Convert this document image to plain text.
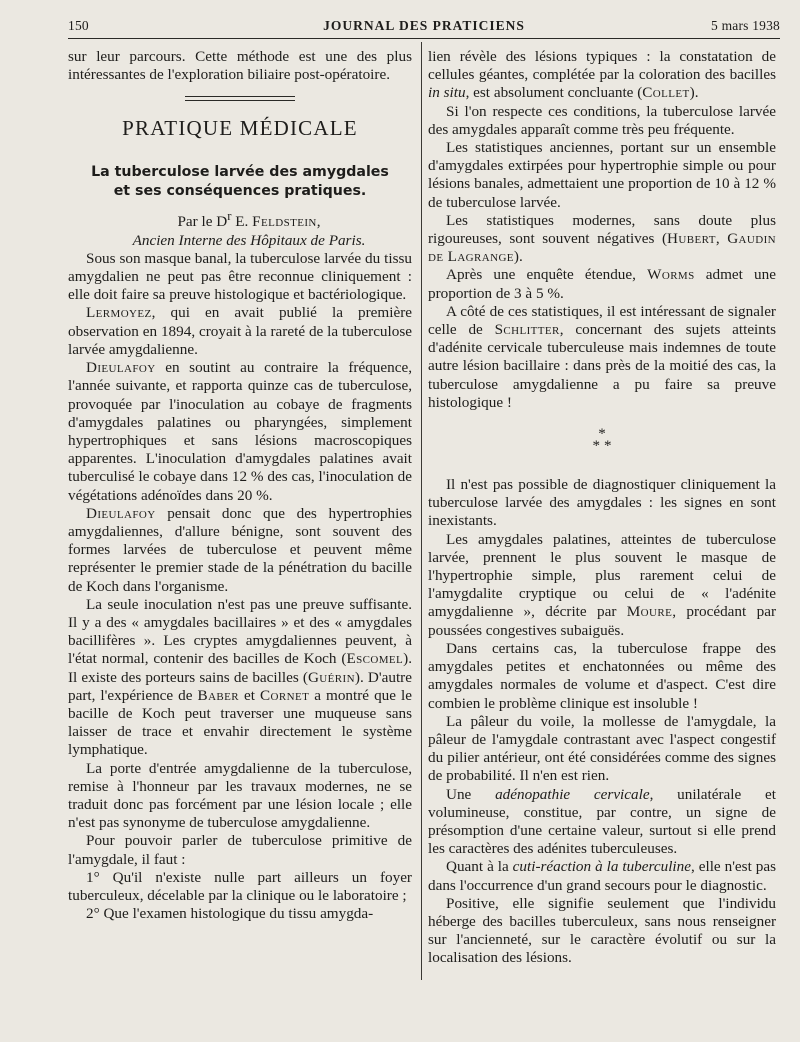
150	JOURNAL DES PRATICIENS	5 mars 1938

sur leur parcours. Cette méthode est une des plus intéressantes de l'exploration biliaire post-opératoire.

PRATIQUE MÉDICALE
La tuberculose larvée des amygdales
et ses conséquences pratiques.

Par le $D^r$ E. Feldstein,

Ancien Interne des Hôpitaux de Paris.

Sous son masque banal, la tuberculose larvée du tissu amygdalien ne peut pas être reconnue cliniquement : elle doit faire sa preuve histologique et bactériologique.

Lermoyez, qui en avait publié la première observation en 1894, croyait à la rareté de la tuberculose larvée amygdalienne.

Dieulafoy en soutint au contraire la fréquence, l'année suivante, et rapporta quinze cas de tuberculose, provoquée par l'inoculation au cobaye de fragments d'amygdales palatines ou pharyngées, simplement hypertrophiques et sans lésions macroscopiques apparentes. L'inoculation d'amygdales palatines avait tuberculisé le cobaye dans 12 % des cas, l'inoculation de végétations adénoïdes dans 20 %.

Dieulafoy pensait donc que des hypertrophies amygdaliennes, d'allure bénigne, sont souvent des formes larvées de tuberculose et peuvent même représenter le premier stade de la pénétration du bacille de Koch dans l'organisme.

La seule inoculation n'est pas une preuve suffisante. Il y a des « amygdales bacillaires » et des « amygdales bacillifères ». Les cryptes amygdaliennes peuvent, à l'état normal, contenir des bacilles de Koch (Escomel). Il existe des porteurs sains de bacilles (Guérin). D'autre part, l'expérience de Baber et Cornet a montré que le bacille de Koch peut traverser une muqueuse sans laisser de trace et envahir directement le système lymphatique.

La porte d'entrée amygdalienne de la tuberculose, remise à l'honneur par les travaux modernes, ne se traduit donc pas forcément par une lésion locale ; elle n'est pas synonyme de tuberculose amygdalienne.

Pour pouvoir parler de tuberculose primitive de l'amygdale, il faut :

1° Qu'il n'existe nulle part ailleurs un foyer tuberculeux, décelable par la clinique ou le laboratoire ;

2° Que l'examen histologique du tissu amygda-

lien révèle des lésions typiques : la constatation de cellules géantes, complétée par la coloration des bacilles in situ, est absolument concluante (Collet).

Si l'on respecte ces conditions, la tuberculose larvée des amygdales apparaît comme très peu fréquente.

Les statistiques anciennes, portant sur un ensemble d'amygdales extirpées pour hypertrophie simple ou pour lésions banales, admettaient une proportion de 10 à 12 % de tuberculose larvée.

Les statistiques modernes, sans doute plus rigoureuses, sont souvent négatives (Hubert, Gaudin de Lagrange).

Après une enquête étendue, Worms admet une proportion de 3 à 5 %.

A côté de ces statistiques, il est intéressant de signaler celle de Schlitter, concernant des sujets atteints d'adénite cervicale tuberculeuse mais indemnes de toute autre lésion bacillaire : dans près de la moitié des cas, la tuberculose amygdalienne a pu faire sa preuve histologique !

*
**

Il n'est pas possible de diagnostiquer cliniquement la tuberculose larvée des amygdales : les signes en sont inexistants.

Les amygdales palatines, atteintes de tuberculose larvée, prennent le plus souvent le masque de l'hypertrophie simple, plus rarement celui de l'amygdalite cryptique ou celui de « l'adénite amygdalienne », décrite par Moure, procédant par poussées congestives subaiguës.

Dans certains cas, la tuberculose frappe des amygdales petites et enchatonnées ou même des amygdales normales de volume et d'aspect. C'est dire combien le problème clinique est insoluble !

La pâleur du voile, la mollesse de l'amygdale, la pâleur de l'amygdale contrastant avec l'aspect congestif du pilier antérieur, ont été considérées comme des signes de probabilité. Il n'en est rien.

Une adénopathie cervicale, unilatérale et volumineuse, constitue, par contre, un signe de présomption d'une certaine valeur, surtout si elle prend les caractères des adénites tuberculeuses.

Quant à la cuti-réaction à la tuberculine, elle n'est pas dans l'occurrence d'un grand secours pour le diagnostic.

Positive, elle signifie seulement que l'individu héberge des bacilles tuberculeux, sans nous renseigner sur l'ancienneté, sur le caractère évolutif ou sur la localisation des lésions.
